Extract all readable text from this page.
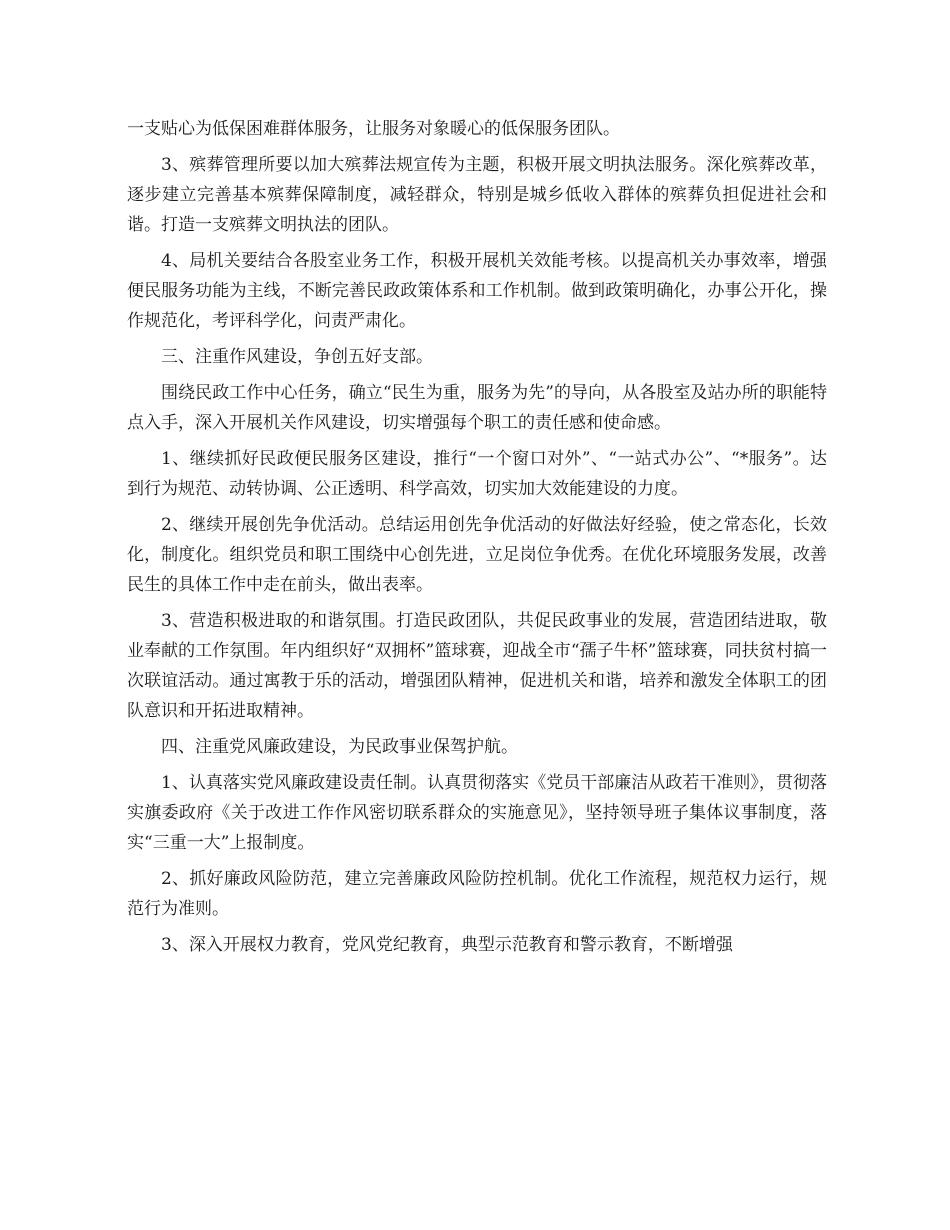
一支贴心为低保困难群体服务，让服务对象暖心的低保服务团队。

3、殡葬管理所要以加大殡葬法规宣传为主题，积极开展文明执法服务。深化殡葬改革，逐步建立完善基本殡葬保障制度，减轻群众，特别是城乡低收入群体的殡葬负担促进社会和谐。打造一支殡葬文明执法的团队。

4、局机关要结合各股室业务工作，积极开展机关效能考核。以提高机关办事效率，增强便民服务功能为主线，不断完善民政政策体系和工作机制。做到政策明确化，办事公开化，操作规范化，考评科学化，问责严肃化。

三、注重作风建设，争创五好支部。

围绕民政工作中心任务，确立“民生为重，服务为先”的导向，从各股室及站办所的职能特点入手，深入开展机关作风建设，切实增强每个职工的责任感和使命感。

1、继续抓好民政便民服务区建设，推行“一个窗口对外”、“一站式办公”、“*服务”。达到行为规范、动转协调、公正透明、科学高效，切实加大效能建设的力度。

2、继续开展创先争优活动。总结运用创先争优活动的好做法好经验，使之常态化，长效化，制度化。组织党员和职工围绕中心创先进，立足岗位争优秀。在优化环境服务发展，改善民生的具体工作中走在前头，做出表率。

3、营造积极进取的和谐氛围。打造民政团队，共促民政事业的发展，营造团结进取，敬业奉献的工作氛围。年内组织好“双拥杯”篮球赛，迎战全市“孺子牛杯”篮球赛，同扶贫村搞一次联谊活动。通过寓教于乐的活动，增强团队精神，促进机关和谐，培养和激发全体职工的团队意识和开拓进取精神。

四、注重党风廉政建设，为民政事业保驾护航。

1、认真落实党风廉政建设责任制。认真贯彻落实《党员干部廉洁从政若干准则》，贯彻落实旗委政府《关于改进工作作风密切联系群众的实施意见》，坚持领导班子集体议事制度，落实“三重一大”上报制度。

2、抓好廉政风险防范，建立完善廉政风险防控机制。优化工作流程，规范权力运行，规范行为准则。

3、深入开展权力教育，党风党纪教育，典型示范教育和警示教育，不断增强
